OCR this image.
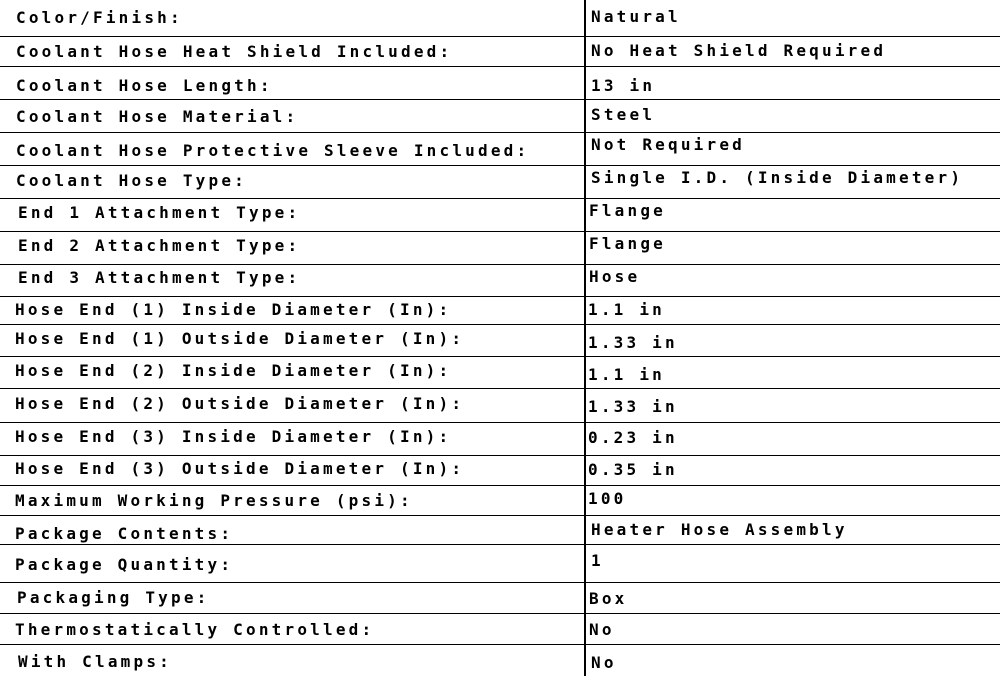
Color/Finish:	Natural
Coolant Hose Heat Shield Included:	No Heat Shield Required
Coolant Hose Length:	13 in
Coolant Hose Material:	Steel
Coolant Hose Protective Sleeve Included:	Not Required
Coolant Hose Type:	Single I.D. (Inside Diameter)
End 1 Attachment Type:	Flange
End 2 Attachment Type:	Flange
End 3 Attachment Type:	Hose
Hose End (1) Inside Diameter (In):	1.1 in
Hose End (1) Outside Diameter (In):	1.33 in
Hose End (2) Inside Diameter (In):	1.1 in
Hose End (2) Outside Diameter (In):	1.33 in
Hose End (3) Inside Diameter (In):	0.23 in
Hose End (3) Outside Diameter (In):	0.35 in
Maximum Working Pressure (psi):	100
Package Contents:	Heater Hose Assembly
Package Quantity:	1
Packaging Type:	Box
Thermostatically Controlled:	No
With Clamps:	No
